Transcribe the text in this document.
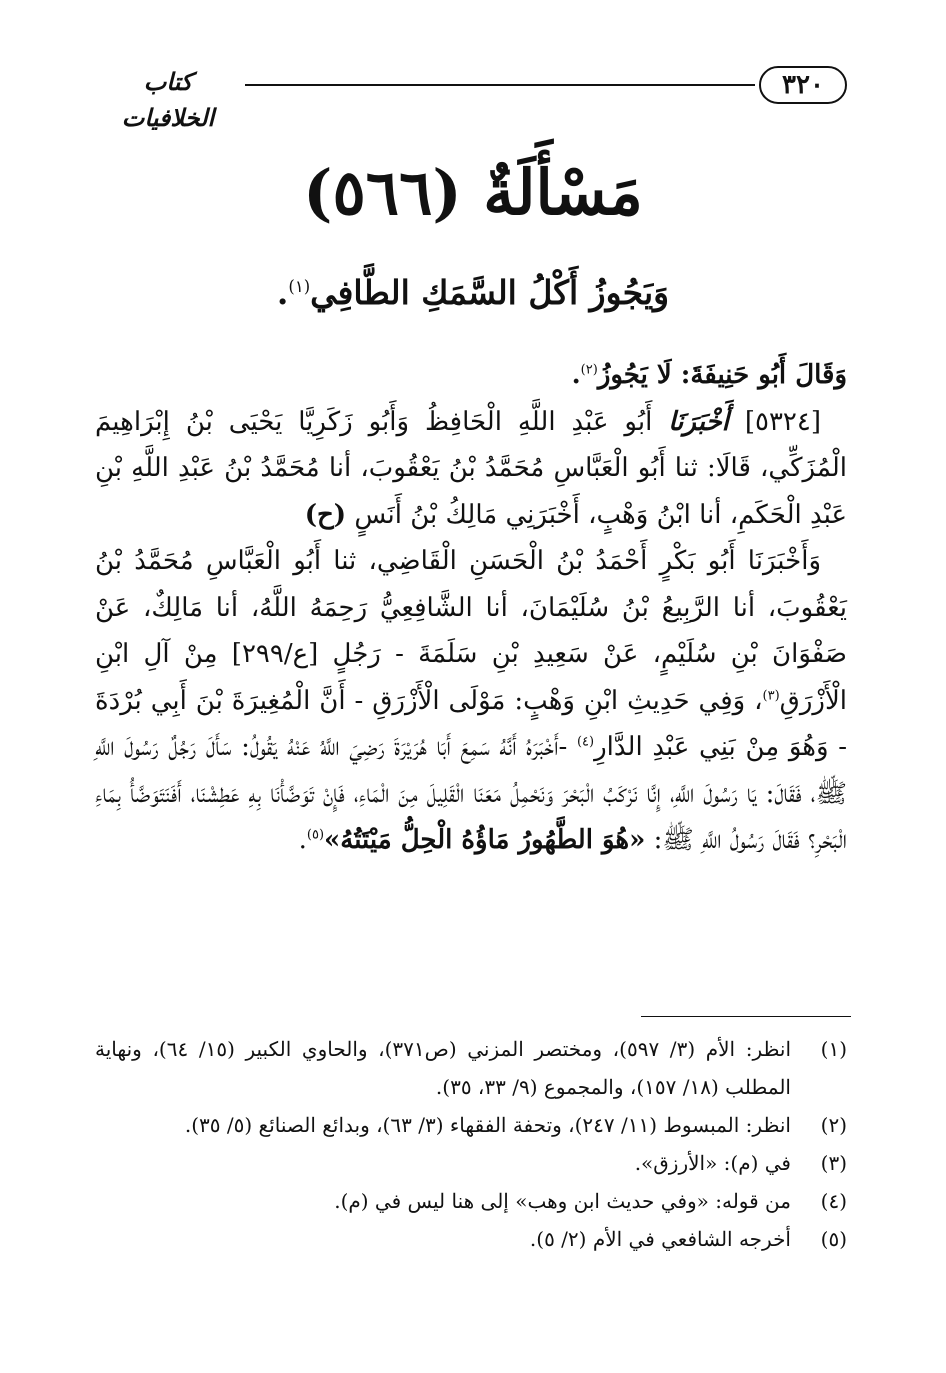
٣٢٠
كتاب الخلافيات
مَسْأَلَةٌ (٥٦٦)
وَيَجُوزُ أَكْلُ السَّمَكِ الطَّافِي$^{(١)}$.

وَقَالَ أَبُو حَنِيفَةَ: لَا يَجُوزُ$^{(٢)}$.

[٥٣٢٤] أَخْبَرَنَا أَبُو عَبْدِ اللَّهِ الْحَافِظُ وَأَبُو زَكَرِيَّا يَحْيَى بْنُ إِبْرَاهِيمَ الْمُزَكِّي، قَالَا: ثنا أَبُو الْعَبَّاسِ مُحَمَّدُ بْنُ يَعْقُوبَ، أنا مُحَمَّدُ بْنُ عَبْدِ اللَّهِ بْنِ عَبْدِ الْحَكَمِ، أنا ابْنُ وَهْبٍ، أَخْبَرَنِي مَالِكُ بْنُ أَنَسٍ (ح)

وَأَخْبَرَنَا أَبُو بَكْرٍ أَحْمَدُ بْنُ الْحَسَنِ الْقَاضِي، ثنا أَبُو الْعَبَّاسِ مُحَمَّدُ بْنُ يَعْقُوبَ، أنا الرَّبِيعُ بْنُ سُلَيْمَانَ، أنا الشَّافِعِيُّ رَحِمَهُ اللَّهُ، أنا مَالِكٌ، عَنْ صَفْوَانَ بْنِ سُلَيْمٍ، عَنْ سَعِيدِ بْنِ سَلَمَةَ - رَجُلٍ [ع/٢٩٩] مِنْ آلِ ابْنِ الْأَزْرَقِ$^{(٣)}$، وَفِي حَدِيثِ ابْنِ وَهْبٍ: مَوْلَى الْأَزْرَقِ - أَنَّ الْمُغِيرَةَ بْنَ أَبِي بُرْدَةَ - وَهُوَ مِنْ بَنِي عَبْدِ الدَّارِ$^{(٤)}$ -أَخْبَرَهُ أَنَّهُ سَمِعَ أَبَا هُرَيْرَةَ رَضِيَ اللَّهُ عَنْهُ يَقُولُ: سَأَلَ رَجُلٌ رَسُولَ اللَّهِ ﷺ، فَقَالَ: يَا رَسُولَ اللَّهِ، إِنَّا نَرْكَبُ الْبَحْرَ وَنَحْمِلُ مَعَنَا الْقَلِيلَ مِنَ الْمَاءِ، فَإِنْ تَوَضَّأْنَا بِهِ عَطِشْنَا، أَفَنَتَوَضَّأُ بِمَاءِ الْبَحْرِ؟ فَقَالَ رَسُولُ اللَّهِ ﷺ: «هُوَ الطَّهُورُ مَاؤُهُ الْحِلُّ مَيْتَتُهُ»$^{(٥)}$.

(١)
انظر: الأم (٣/ ٥٩٧)، ومختصر المزني (ص٣٧١)، والحاوي الكبير (١٥/ ٦٤)، ونهاية المطلب (١٨/ ١٥٧)، والمجموع (٩/ ٣٣، ٣٥).

(٢)
انظر: المبسوط (١١/ ٢٤٧)، وتحفة الفقهاء (٣/ ٦٣)، وبدائع الصنائع (٥/ ٣٥).

(٣)
في (م): «الأرزق».

(٤)
من قوله: «وفي حديث ابن وهب» إلى هنا ليس في (م).

(٥)
أخرجه الشافعي في الأم (٢/ ٥).
